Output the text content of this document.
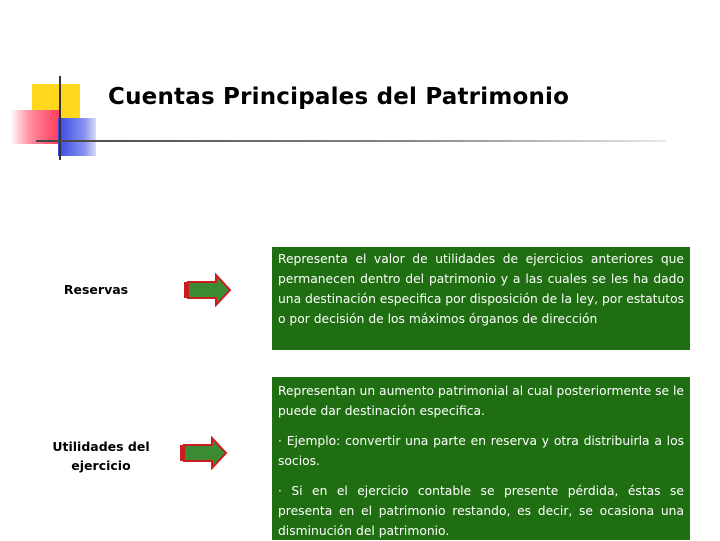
Cuentas Principales del Patrimonio
Reservas

Representa el valor de utilidades de ejercicios anteriores que permanecen dentro del patrimonio y a las cuales se les ha dado una destinación especifica por disposición de la ley, por estatutos o por decisión de los máximos órganos de dirección

Utilidades del
ejercicio

Representan un aumento patrimonial al cual posteriormente se le puede dar destinación especifica.

· Ejemplo: convertir una parte en reserva y otra distribuirla a los socios.

· Si en el ejercicio contable se presente pérdida, éstas se presenta en el patrimonio restando, es decir, se ocasiona una disminución del patrimonio.
